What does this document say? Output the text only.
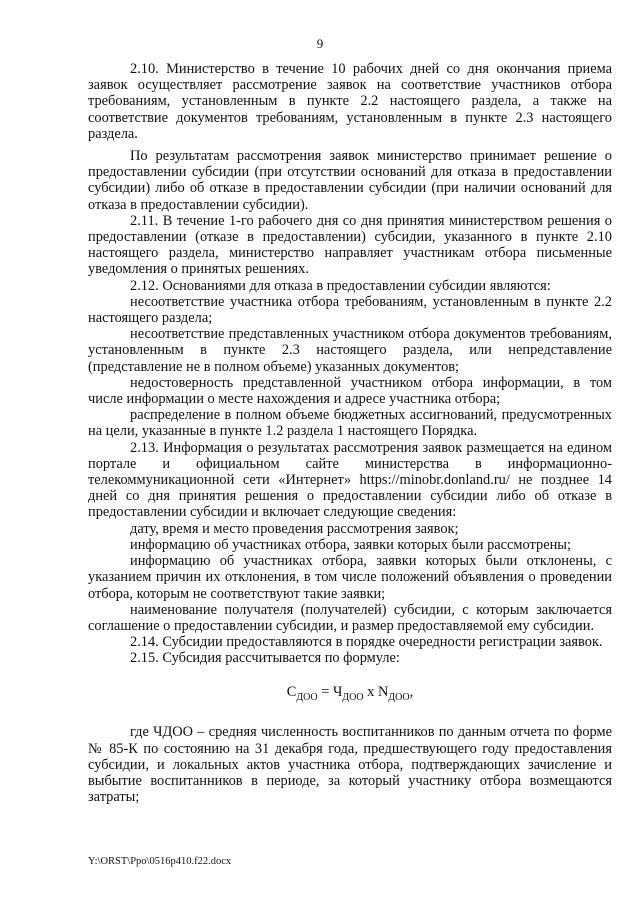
9

2.10. Министерство в течение 10 рабочих дней со дня окончания приема заявок осуществляет рассмотрение заявок на соответствие участников отбора требованиям, установленным в пункте 2.2 настоящего раздела, а также на соответствие документов требованиям, установленным в пункте 2.3 настоящего раздела.

По результатам рассмотрения заявок министерство принимает решение о предоставлении субсидии (при отсутствии оснований для отказа в предоставлении субсидии) либо об отказе в предоставлении субсидии (при наличии оснований для отказа в предоставлении субсидии).

2.11. В течение 1-го рабочего дня со дня принятия министерством решения о предоставлении (отказе в предоставлении) субсидии, указанного в пункте 2.10 настоящего раздела, министерство направляет участникам отбора письменные уведомления о принятых решениях.

2.12. Основаниями для отказа в предоставлении субсидии являются:

несоответствие участника отбора требованиям, установленным в пункте 2.2 настоящего раздела;

несоответствие представленных участником отбора документов требованиям, установленным в пункте 2.3 настоящего раздела, или непредставление (представление не в полном объеме) указанных документов;

недостоверность представленной участником отбора информации, в том числе информации о месте нахождения и адресе участника отбора;

распределение в полном объеме бюджетных ассигнований, предусмотренных на цели, указанные в пункте 1.2 раздела 1 настоящего Порядка.

2.13. Информация о результатах рассмотрения заявок размещается на едином портале и официальном сайте министерства в информационно-телекоммуникационной сети «Интернет» https://minobr.donland.ru/ не позднее 14 дней со дня принятия решения о предоставлении субсидии либо об отказе в предоставлении субсидии и включает следующие сведения:

дату, время и место проведения рассмотрения заявок;

информацию об участниках отбора, заявки которых были рассмотрены;

информацию об участниках отбора, заявки которых были отклонены, с указанием причин их отклонения, в том числе положений объявления о проведении отбора, которым не соответствуют такие заявки;

наименование получателя (получателей) субсидии, с которым заключается соглашение о предоставлении субсидии, и размер предоставляемой ему субсидии.

2.14. Субсидии предоставляются в порядке очередности регистрации заявок.

2.15. Субсидия рассчитывается по формуле:

$С_{ДОО} = Ч_{ДОО}$ x $N_{ДОО}$,

где ЧДОО – средняя численность воспитанников по данным отчета по форме № 85-К по состоянию на 31 декабря года, предшествующего году предоставления субсидии, и локальных актов участника отбора, подтверждающих зачисление и выбытие воспитанников в периоде, за который участнику отбора возмещаются затраты;

Y:\ORST\Ppo\0516p410.f22.docx
